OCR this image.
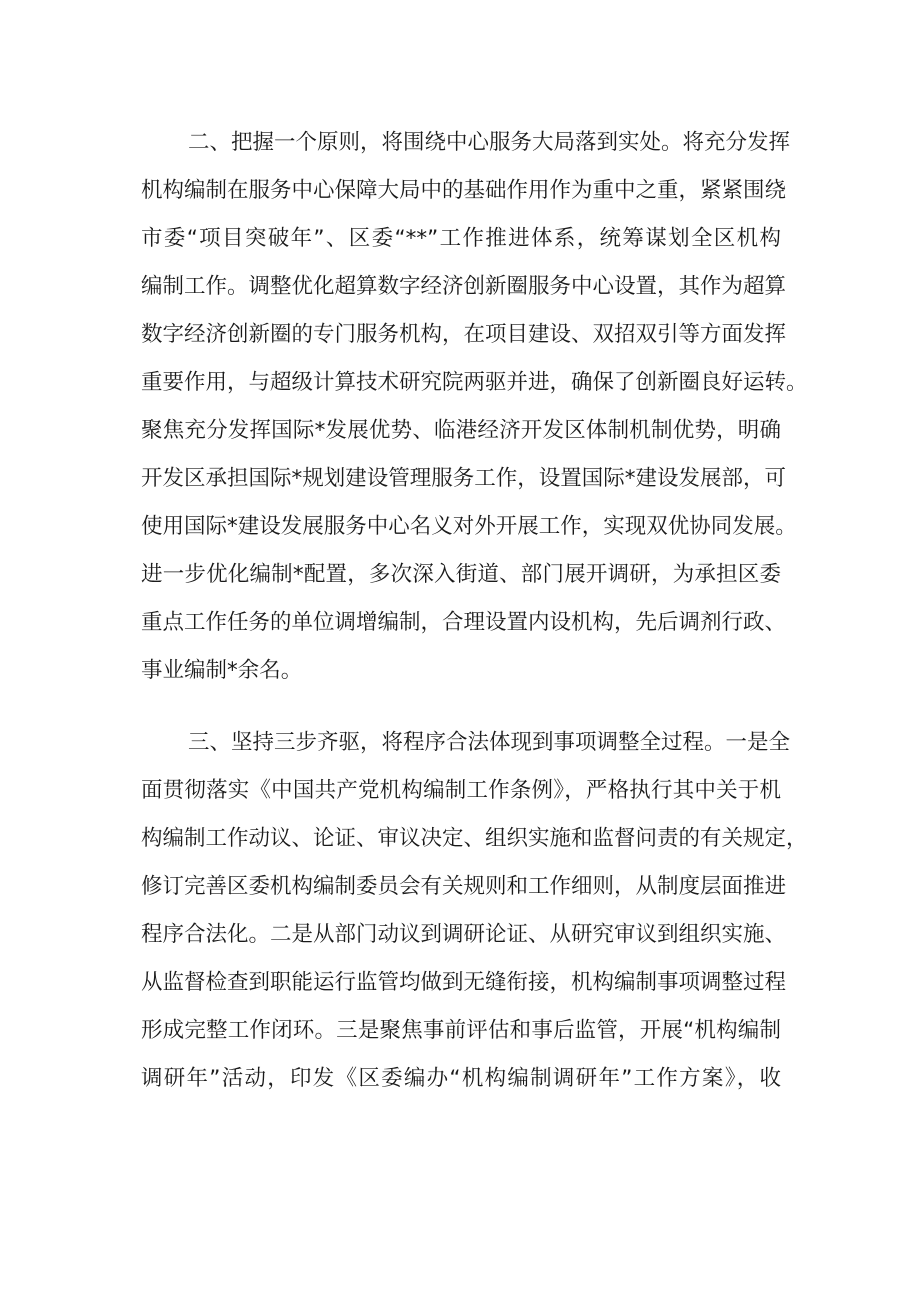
二、把握一个原则，将围绕中心服务大局落到实处。将充分发挥
机构编制在服务中心保障大局中的基础作用作为重中之重，紧紧围绕
市委“项目突破年”、区委“**”工作推进体系，统筹谋划全区机构
编制工作。调整优化超算数字经济创新圈服务中心设置，其作为超算
数字经济创新圈的专门服务机构，在项目建设、双招双引等方面发挥
重要作用，与超级计算技术研究院两驱并进，确保了创新圈良好运转。
聚焦充分发挥国际*发展优势、临港经济开发区体制机制优势，明确
开发区承担国际*规划建设管理服务工作，设置国际*建设发展部，可
使用国际*建设发展服务中心名义对外开展工作，实现双优协同发展。
进一步优化编制*配置，多次深入街道、部门展开调研，为承担区委
重点工作任务的单位调增编制，合理设置内设机构，先后调剂行政、
事业编制*余名。
三、坚持三步齐驱，将程序合法体现到事项调整全过程。一是全
面贯彻落实《中国共产党机构编制工作条例》，严格执行其中关于机
构编制工作动议、论证、审议决定、组织实施和监督问责的有关规定，
修订完善区委机构编制委员会有关规则和工作细则，从制度层面推进
程序合法化。二是从部门动议到调研论证、从研究审议到组织实施、
从监督检查到职能运行监管均做到无缝衔接，机构编制事项调整过程
形成完整工作闭环。三是聚焦事前评估和事后监管，开展“机构编制
调研年”活动，印发《区委编办“机构编制调研年”工作方案》，收
